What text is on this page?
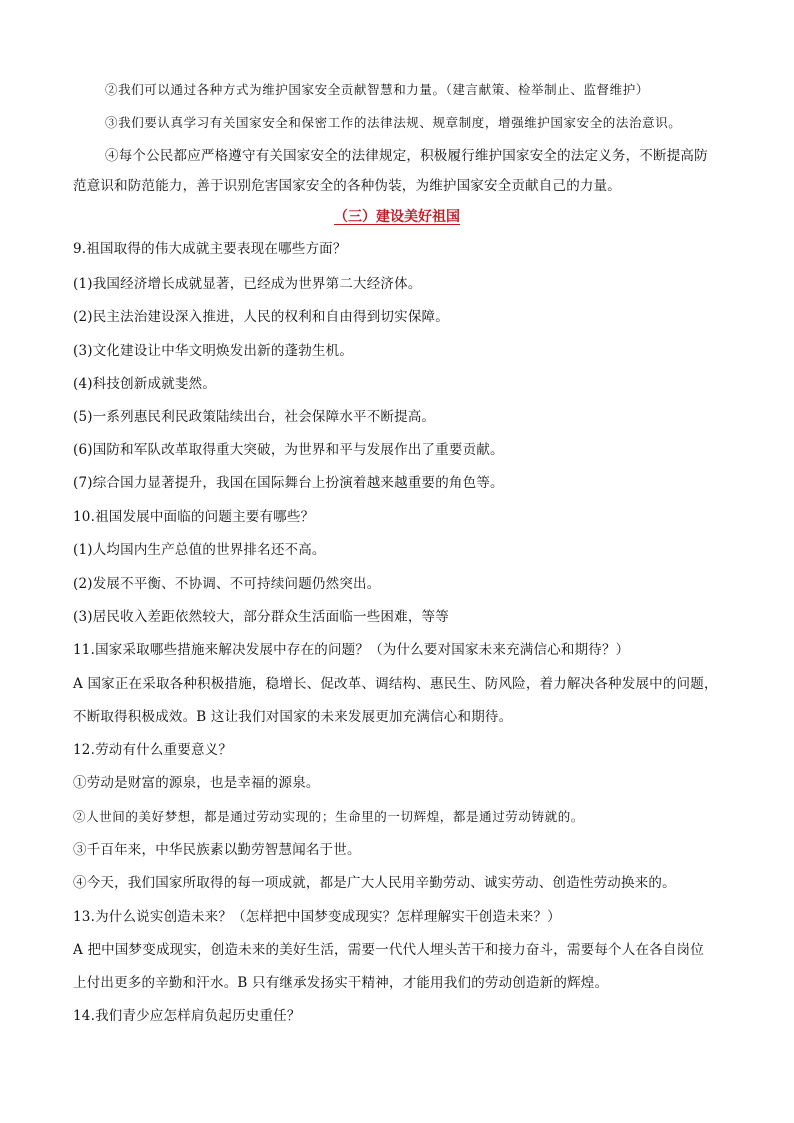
②我们可以通过各种方式为维护国家安全贡献智慧和力量。（建言献策、检举制止、监督维护）

③我们要认真学习有关国家安全和保密工作的法律法规、规章制度，增强维护国家安全的法治意识。

④每个公民都应严格遵守有关国家安全的法律规定，积极履行维护国家安全的法定义务，不断提高防

范意识和防范能力，善于识别危害国家安全的各种伪装，为维护国家安全贡献自己的力量。

（三）建设美好祖国

9.祖国取得的伟大成就主要表现在哪些方面？

(1)我国经济增长成就显著，已经成为世界第二大经济体。

(2)民主法治建设深入推进，人民的权利和自由得到切实保障。

(3)文化建设让中华文明焕发出新的蓬勃生机。

(4)科技创新成就斐然。

(5)一系列惠民利民政策陆续出台，社会保障水平不断提高。

(6)国防和军队改革取得重大突破，为世界和平与发展作出了重要贡献。

(7)综合国力显著提升，我国在国际舞台上扮演着越来越重要的角色等。

10.祖国发展中面临的问题主要有哪些？

(1)人均国内生产总值的世界排名还不高。

(2)发展不平衡、不协调、不可持续问题仍然突出。

(3)居民收入差距依然较大，部分群众生活面临一些困难，等等

11.国家采取哪些措施来解决发展中存在的问题？（为什么要对国家未来充满信心和期待？）

A 国家正在采取各种积极措施，稳增长、促改革、调结构、惠民生、防风险，着力解决各种发展中的问题，

不断取得积极成效。B 这让我们对国家的未来发展更加充满信心和期待。

12.劳动有什么重要意义？

①劳动是财富的源泉，也是幸福的源泉。

②人世间的美好梦想，都是通过劳动实现的；生命里的一切辉煌，都是通过劳动铸就的。

③千百年来，中华民族素以勤劳智慧闻名于世。

④今天，我们国家所取得的每一项成就，都是广大人民用辛勤劳动、诚实劳动、创造性劳动换来的。

13.为什么说实创造未来？（怎样把中国梦变成现实？怎样理解实干创造未来？）

A 把中国梦变成现实，创造未来的美好生活，需要一代代人埋头苦干和接力奋斗，需要每个人在各自岗位

上付出更多的辛勤和汗水。B 只有继承发扬实干精神，才能用我们的劳动创造新的辉煌。

14.我们青少应怎样肩负起历史重任？
